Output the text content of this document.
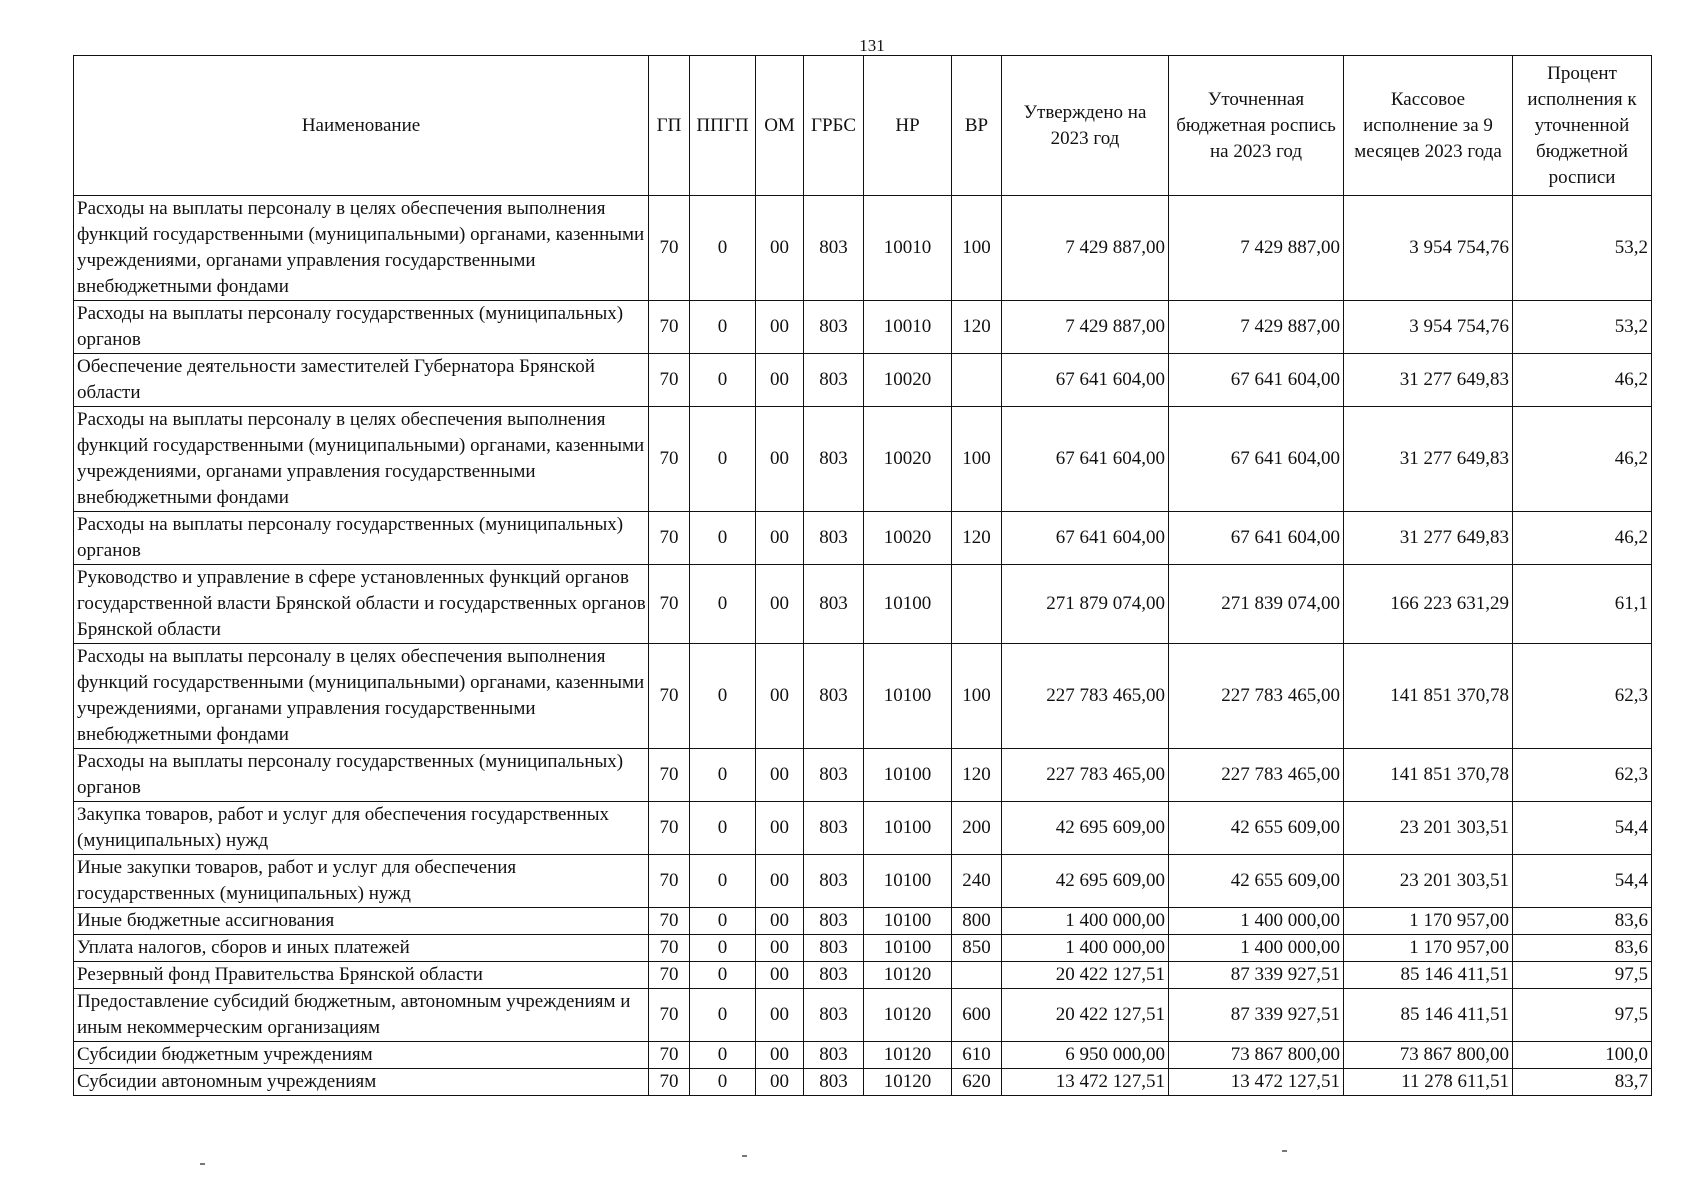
131
Наименование	ГП	ППГП	ОМ	ГРБС	НР	ВР	Утверждено на 2023 год	Уточненная бюджетная роспись на 2023 год	Кассовое исполнение за 9 месяцев 2023 года	Процент исполнения к уточненной бюджетной росписи
Расходы на выплаты персоналу в целях обеспечения выполнения функций государственными (муниципальными) органами, казенными учреждениями, органами управления государственными внебюджетными фондами	70	0	00	803	10010	100	7 429 887,00	7 429 887,00	3 954 754,76	53,2
Расходы на выплаты персоналу государственных (муниципальных) органов	70	0	00	803	10010	120	7 429 887,00	7 429 887,00	3 954 754,76	53,2
Обеспечение деятельности заместителей Губернатора Брянской области	70	0	00	803	10020		67 641 604,00	67 641 604,00	31 277 649,83	46,2
Расходы на выплаты персоналу в целях обеспечения выполнения функций государственными (муниципальными) органами, казенными учреждениями, органами управления государственными внебюджетными фондами	70	0	00	803	10020	100	67 641 604,00	67 641 604,00	31 277 649,83	46,2
Расходы на выплаты персоналу государственных (муниципальных) органов	70	0	00	803	10020	120	67 641 604,00	67 641 604,00	31 277 649,83	46,2
Руководство и управление в сфере установленных функций органов государственной власти Брянской области и государственных органов Брянской области	70	0	00	803	10100		271 879 074,00	271 839 074,00	166 223 631,29	61,1
Расходы на выплаты персоналу в целях обеспечения выполнения функций государственными (муниципальными) органами, казенными учреждениями, органами управления государственными внебюджетными фондами	70	0	00	803	10100	100	227 783 465,00	227 783 465,00	141 851 370,78	62,3
Расходы на выплаты персоналу государственных (муниципальных) органов	70	0	00	803	10100	120	227 783 465,00	227 783 465,00	141 851 370,78	62,3
Закупка товаров, работ и услуг для обеспечения государственных (муниципальных) нужд	70	0	00	803	10100	200	42 695 609,00	42 655 609,00	23 201 303,51	54,4
Иные закупки товаров, работ и услуг для обеспечения государственных (муниципальных) нужд	70	0	00	803	10100	240	42 695 609,00	42 655 609,00	23 201 303,51	54,4
Иные бюджетные ассигнования	70	0	00	803	10100	800	1 400 000,00	1 400 000,00	1 170 957,00	83,6
Уплата налогов, сборов и иных платежей	70	0	00	803	10100	850	1 400 000,00	1 400 000,00	1 170 957,00	83,6
Резервный фонд Правительства Брянской области	70	0	00	803	10120		20 422 127,51	87 339 927,51	85 146 411,51	97,5
Предоставление субсидий бюджетным, автономным учреждениям и иным некоммерческим организациям	70	0	00	803	10120	600	20 422 127,51	87 339 927,51	85 146 411,51	97,5
Субсидии бюджетным учреждениям	70	0	00	803	10120	610	6 950 000,00	73 867 800,00	73 867 800,00	100,0
Субсидии автономным учреждениям	70	0	00	803	10120	620	13 472 127,51	13 472 127,51	11 278 611,51	83,7
